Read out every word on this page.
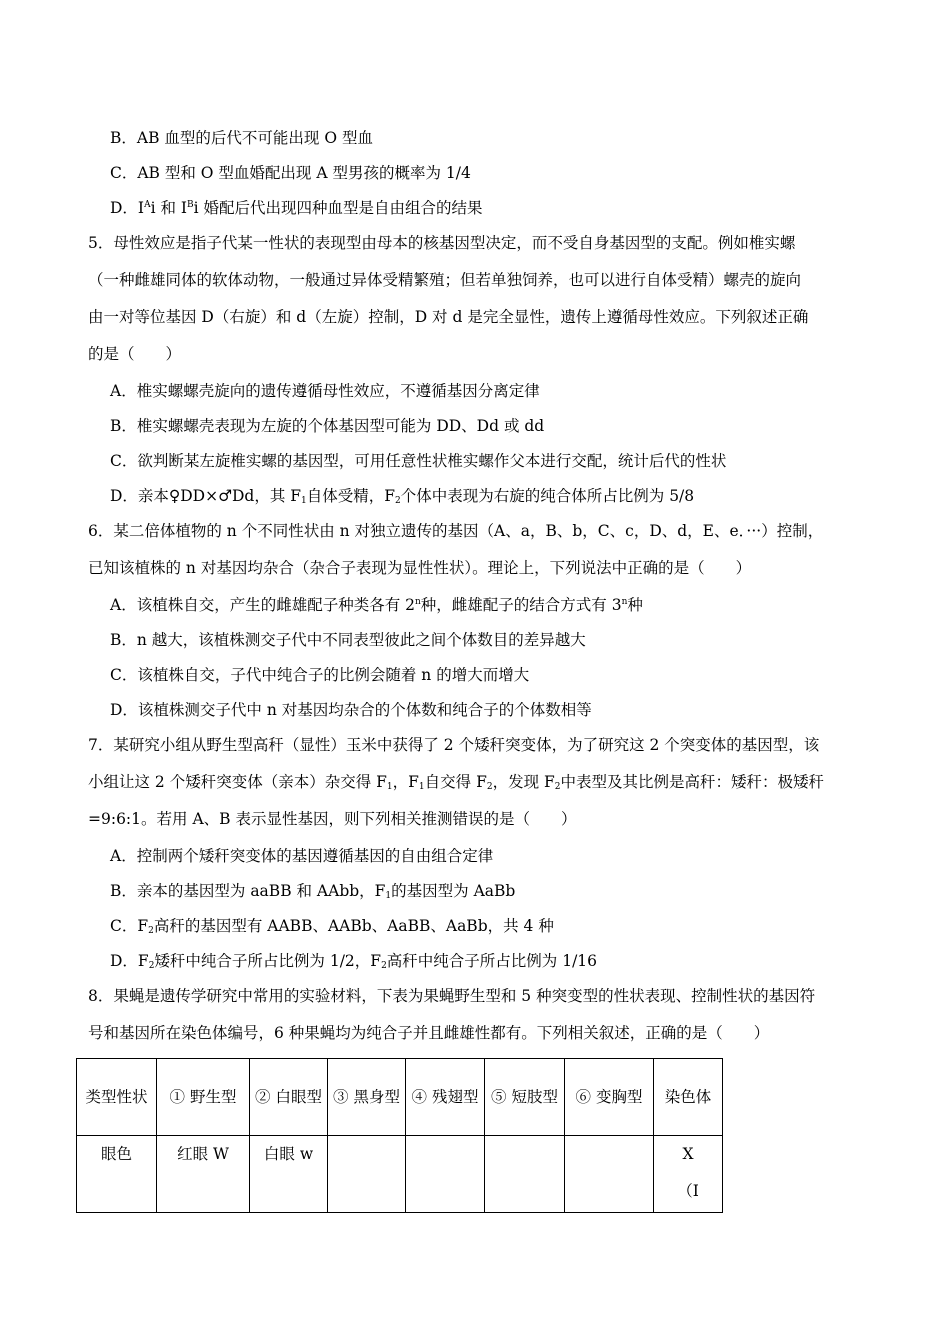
B．AB 血型的后代不可能出现 O 型血
C．AB 型和 O 型血婚配出现 A 型男孩的概率为 1/4
D．$I^Ai$ 和 $I^Bi$ 婚配后代出现四种血型是自由组合的结果
5．母性效应是指子代某一性状的表现型由母本的核基因型决定，而不受自身基因型的支配。例如椎实螺
（一种雌雄同体的软体动物，一般通过异体受精繁殖；但若单独饲养，也可以进行自体受精）螺壳的旋向
由一对等位基因 D（右旋）和 d（左旋）控制，D 对 d 是完全显性，遗传上遵循母性效应。下列叙述正确
的是（　　）
A．椎实螺螺壳旋向的遗传遵循母性效应，不遵循基因分离定律
B．椎实螺螺壳表现为左旋的个体基因型可能为 DD、Dd 或 dd
C．欲判断某左旋椎实螺的基因型，可用任意性状椎实螺作父本进行交配，统计后代的性状
D．亲本♀DD×♂Dd，其 $F_1$自体受精，$F_2$个体中表现为右旋的纯合体所占比例为 5/8
6．某二倍体植物的 n 个不同性状由 n 对独立遗传的基因（A、a，B、b，C、c，D、d，E、e．···）控制，
已知该植株的 n 对基因均杂合（杂合子表现为显性性状）。理论上，下列说法中正确的是（　　）
A．该植株自交，产生的雌雄配子种类各有 2$^n$种，雌雄配子的结合方式有 3$^n$种
B．n 越大，该植株测交子代中不同表型彼此之间个体数目的差异越大
C．该植株自交，子代中纯合子的比例会随着 n 的增大而增大
D．该植株测交子代中 n 对基因均杂合的个体数和纯合子的个体数相等
7．某研究小组从野生型高秆（显性）玉米中获得了 2 个矮秆突变体，为了研究这 2 个突变体的基因型，该
小组让这 2 个矮秆突变体（亲本）杂交得 $F_1$，$F_1$自交得 $F_2$，发现 $F_2$中表型及其比例是高秆：矮秆：极矮秆
=9:6:1。若用 A、B 表示显性基因，则下列相关推测错误的是（　　）
A．控制两个矮秆突变体的基因遵循基因的自由组合定律
B．亲本的基因型为 aaBB 和 AAbb，$F_1$的基因型为 AaBb
C．$F_2$高秆的基因型有 AABB、AABb、AaBB、AaBb，共 4 种
D．$F_2$矮秆中纯合子所占比例为 1/2，$F_2$高秆中纯合子所占比例为 1/16
8．果蝇是遗传学研究中常用的实验材料，下表为果蝇野生型和 5 种突变型的性状表现、控制性状的基因符
号和基因所在染色体编号，6 种果蝇均为纯合子并且雌雄性都有。下列相关叙述，正确的是（　　）
类型性状	① 野生型	② 白眼型	③ 黑身型	④ 残翅型	⑤ 短肢型	⑥ 变胸型	染色体
眼色	红眼 W	白眼 w					X
（Ⅰ
